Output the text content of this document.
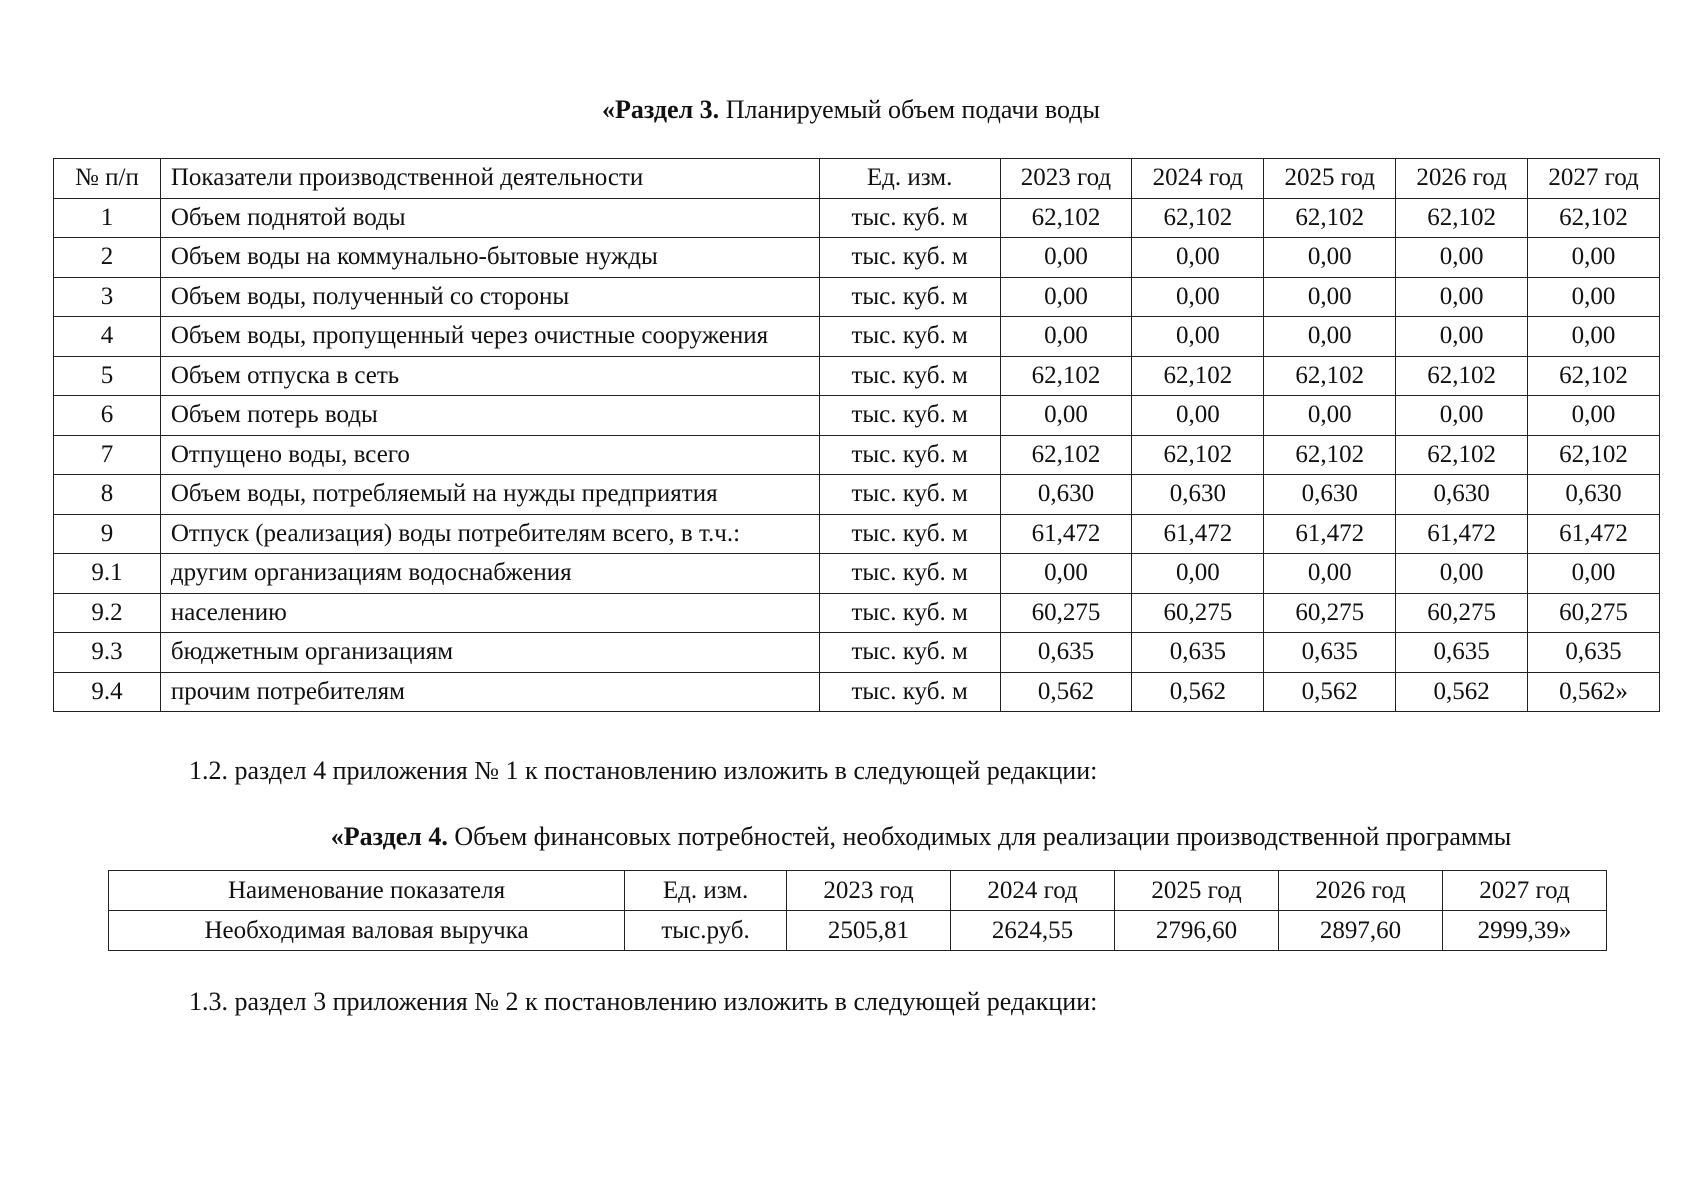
«Раздел 3. Планируемый объем подачи воды
№ п/п	Показатели производственной деятельности	Ед. изм.	2023 год	2024 год	2025 год	2026 год	2027 год
1	Объем поднятой воды	тыс. куб. м	62,102	62,102	62,102	62,102	62,102
2	Объем воды на коммунально-бытовые нужды	тыс. куб. м	0,00	0,00	0,00	0,00	0,00
3	Объем воды, полученный со стороны	тыс. куб. м	0,00	0,00	0,00	0,00	0,00
4	Объем воды, пропущенный через очистные сооружения	тыс. куб. м	0,00	0,00	0,00	0,00	0,00
5	Объем отпуска в сеть	тыс. куб. м	62,102	62,102	62,102	62,102	62,102
6	Объем потерь воды	тыс. куб. м	0,00	0,00	0,00	0,00	0,00
7	Отпущено воды, всего	тыс. куб. м	62,102	62,102	62,102	62,102	62,102
8	Объем воды, потребляемый на нужды предприятия	тыс. куб. м	0,630	0,630	0,630	0,630	0,630
9	Отпуск (реализация) воды потребителям всего, в т.ч.:	тыс. куб. м	61,472	61,472	61,472	61,472	61,472
9.1	другим организациям водоснабжения	тыс. куб. м	0,00	0,00	0,00	0,00	0,00
9.2	населению	тыс. куб. м	60,275	60,275	60,275	60,275	60,275
9.3	бюджетным организациям	тыс. куб. м	0,635	0,635	0,635	0,635	0,635
9.4	прочим потребителям	тыс. куб. м	0,562	0,562	0,562	0,562	0,562»
1.2. раздел 4 приложения № 1 к постановлению изложить в следующей редакции:
«Раздел 4. Объем финансовых потребностей, необходимых для реализации производственной программы
Наименование показателя	Ед. изм.	2023 год	2024 год	2025 год	2026 год	2027 год
Необходимая валовая выручка	тыс.руб.	2505,81	2624,55	2796,60	2897,60	2999,39»
1.3. раздел 3 приложения № 2 к постановлению изложить в следующей редакции:
